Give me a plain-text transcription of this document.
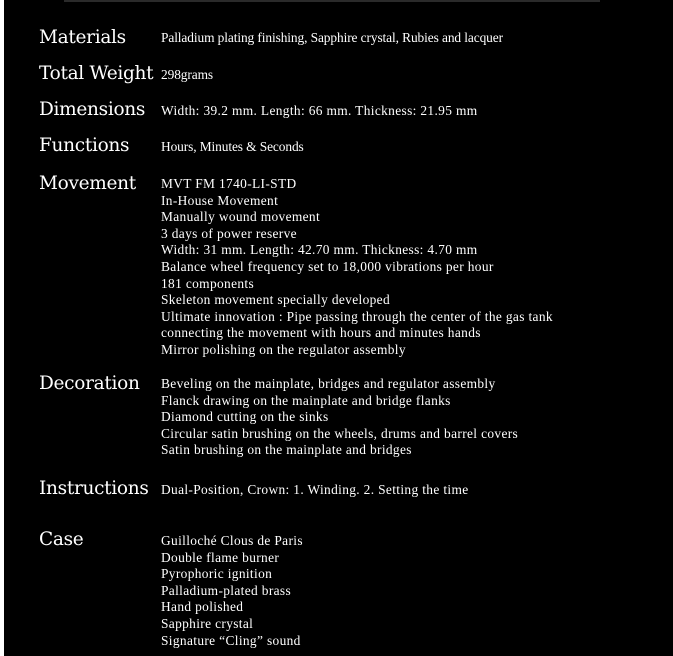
Materials	Palladium plating finishing, Sapphire crystal, Rubies and lacquer
Total Weight 298grams
Dimensions Width: 39.2 mm. Length: 66 mm. Thickness: 21.95 mm
Functions Hours, Minutes & Seconds
Movement MVT FM 1740-LI-STD
In-House Movement
Manually wound movement
3 days of power reserve
Width: 31 mm. Length: 42.70 mm. Thickness: 4.70 mm
Balance wheel frequency set to 18,000 vibrations per hour
181 components
Skeleton movement specially developed
Ultimate innovation : Pipe passing through the center of the gas tank
connecting the movement with hours and minutes hands
Mirror polishing on the regulator assembly
Decoration Beveling on the mainplate, bridges and regulator assembly
Flanck drawing on the mainplate and bridge flanks
Diamond cutting on the sinks
Circular satin brushing on the wheels, drums and barrel covers
Satin brushing on the mainplate and bridges
Instructions Dual-Position, Crown: 1. Winding. 2. Setting the time
Case	Guilloché Clous de Paris
Double flame burner
Pyrophoric ignition
Palladium-plated brass
Hand polished
Sapphire crystal
Signature “Cling” sound
